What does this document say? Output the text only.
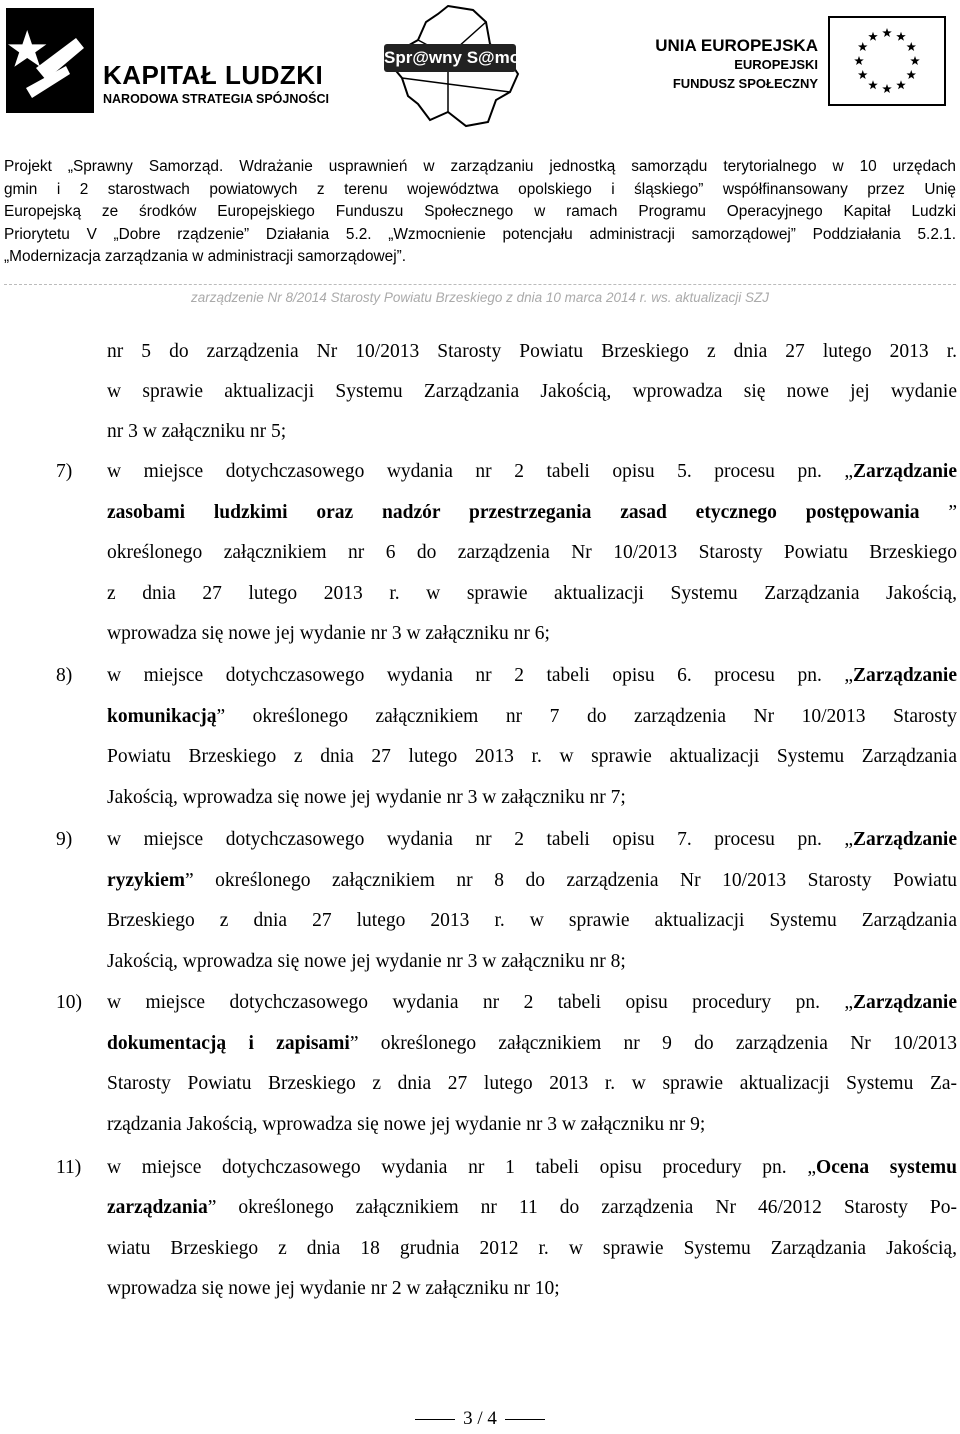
KAPITAŁ LUDZKI
NARODOWA STRATEGIA SPÓJNOŚCI
Spr@wny S@morząd
UNIA EUROPEJSKA
EUROPEJSKI
FUNDUSZ SPOŁECZNY
Projekt „Sprawny Samorząd. Wdrażanie usprawnień w zarządzaniu jednostką samorządu terytorialnego w 10 urzędach
gmin i 2 starostwach powiatowych z terenu województwa opolskiego i śląskiego” współfinansowany przez Unię
Europejską ze środków Europejskiego Funduszu Społecznego w ramach Programu Operacyjnego Kapitał Ludzki
Priorytetu V „Dobre rządzenie” Działania 5.2. „Wzmocnienie potencjału administracji samorządowej” Poddziałania 5.2.1.
„Modernizacja zarządzania w administracji samorządowej”.
zarządzenie Nr 8/2014 Starosty Powiatu Brzeskiego z dnia 10 marca 2014 r. ws. aktualizacji SZJ
nr 5 do zarządzenia Nr 10/2013 Starosty Powiatu Brzeskiego z dnia 27 lutego 2013 r.
w sprawie aktualizacji Systemu Zarządzania Jakością, wprowadza się nowe jej wydanie
nr 3 w załączniku nr 5;
7) w miejsce dotychczasowego wydania nr 2 tabeli opisu 5. procesu pn. „Zarządzanie
zasobami ludzkimi oraz nadzór przestrzegania zasad etycznego postępowania ”
określonego załącznikiem nr 6 do zarządzenia Nr 10/2013 Starosty Powiatu Brzeskiego
z dnia 27 lutego 2013 r. w sprawie aktualizacji Systemu Zarządzania Jakością,
wprowadza się nowe jej wydanie nr 3 w załączniku nr 6;
8) w miejsce dotychczasowego wydania nr 2 tabeli opisu 6. procesu pn. „Zarządzanie
komunikacją” określonego załącznikiem nr 7 do zarządzenia Nr 10/2013 Starosty
Powiatu Brzeskiego z dnia 27 lutego 2013 r. w sprawie aktualizacji Systemu Zarządzania
Jakością, wprowadza się nowe jej wydanie nr 3 w załączniku nr 7;
9) w miejsce dotychczasowego wydania nr 2 tabeli opisu 7. procesu pn. „Zarządzanie
ryzykiem” określonego załącznikiem nr 8 do zarządzenia Nr 10/2013 Starosty Powiatu
Brzeskiego z dnia 27 lutego 2013 r. w sprawie aktualizacji Systemu Zarządzania
Jakością, wprowadza się nowe jej wydanie nr 3 w załączniku nr 8;
10) w miejsce dotychczasowego wydania nr 2 tabeli opisu procedury pn. „Zarządzanie
dokumentacją i zapisami” określonego załącznikiem nr 9 do zarządzenia Nr 10/2013
Starosty Powiatu Brzeskiego z dnia 27 lutego 2013 r. w sprawie aktualizacji Systemu Za-
rządzania Jakością, wprowadza się nowe jej wydanie nr 3 w załączniku nr 9;
11) w miejsce dotychczasowego wydania nr 1 tabeli opisu procedury pn. „Ocena systemu
zarządzania” określonego załącznikiem nr 11 do zarządzenia Nr 46/2012 Starosty Po-
wiatu Brzeskiego z dnia 18 grudnia 2012 r. w sprawie Systemu Zarządzania Jakością,
wprowadza się nowe jej wydanie nr 2 w załączniku nr 10;
3 / 4
